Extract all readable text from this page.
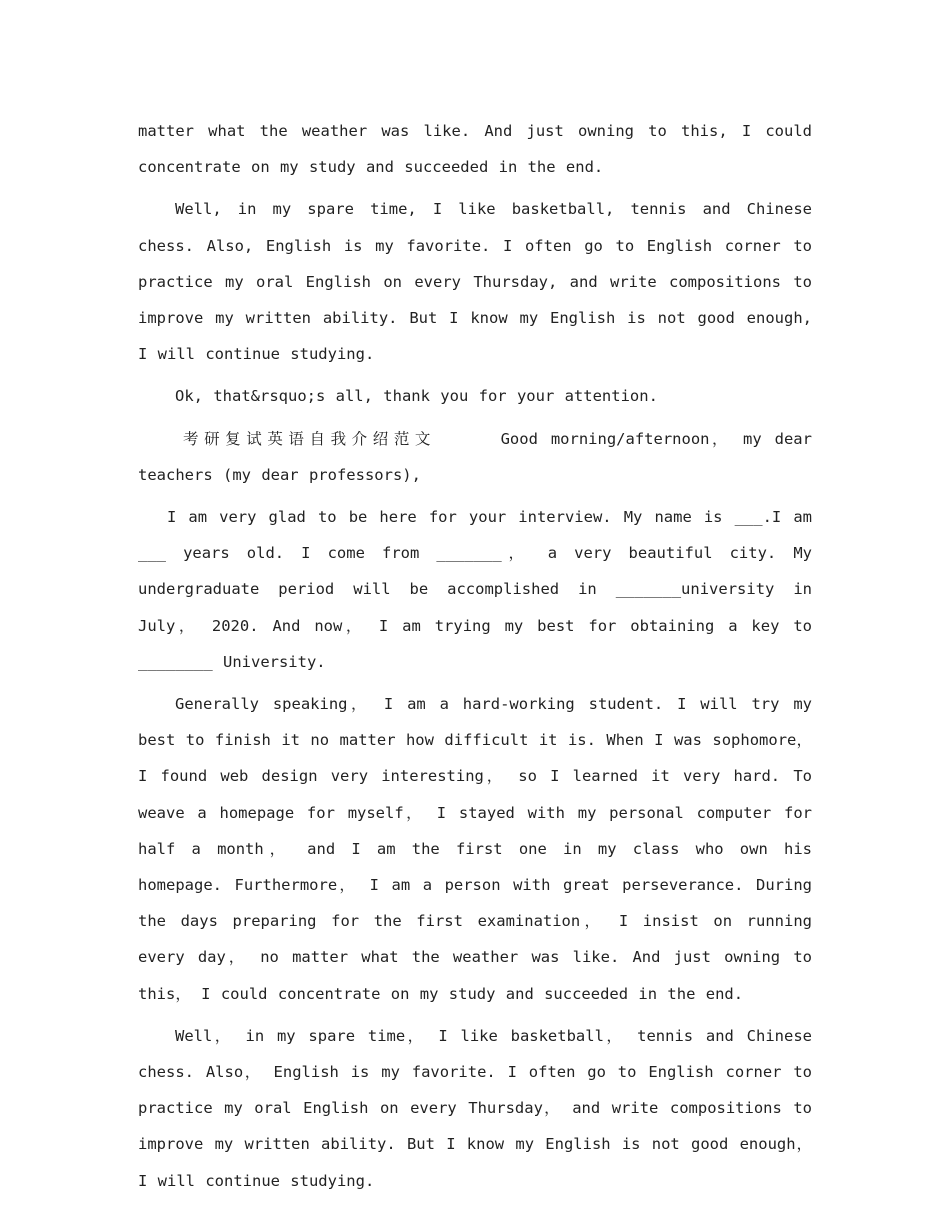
matter what the weather was like. And just owning to this, I could concentrate on my study and succeeded in the end.

Well, in my spare time, I like basketball, tennis and Chinese chess. Also, English is my favorite. I often go to English corner to practice my oral English on every Thursday, and write compositions to improve my written ability. But I know my English is not good enough, I will continue studying.

Ok, that&rsquo;s all, thank you for your attention.

考研复试英语自我介绍范文	Good morning/afternoon， my dear teachers (my dear professors),

I am very glad to be here for your interview. My name is ___.I am ___ years old. I come from _______， a very beautiful city. My undergraduate period will be accomplished in _______university in July， 2020. And now， I am trying my best for obtaining a key to ________ University.

Generally speaking， I am a hard-working student. I will try my best to finish it no matter how difficult it is. When I was sophomore， I found web design very interesting， so I learned it very hard. To weave a homepage for myself， I stayed with my personal computer for half a month， and I am the first one in my class who own his homepage. Furthermore， I am a person with great perseverance. During the days preparing for the first examination， I insist on running every day， no matter what the weather was like. And just owning to this， I could concentrate on my study and succeeded in the end.

Well， in my spare time， I like basketball， tennis and Chinese chess. Also， English is my favorite. I often go to English corner to practice my oral English on every Thursday， and write compositions to improve my written ability. But I know my English is not good enough， I will continue studying.
